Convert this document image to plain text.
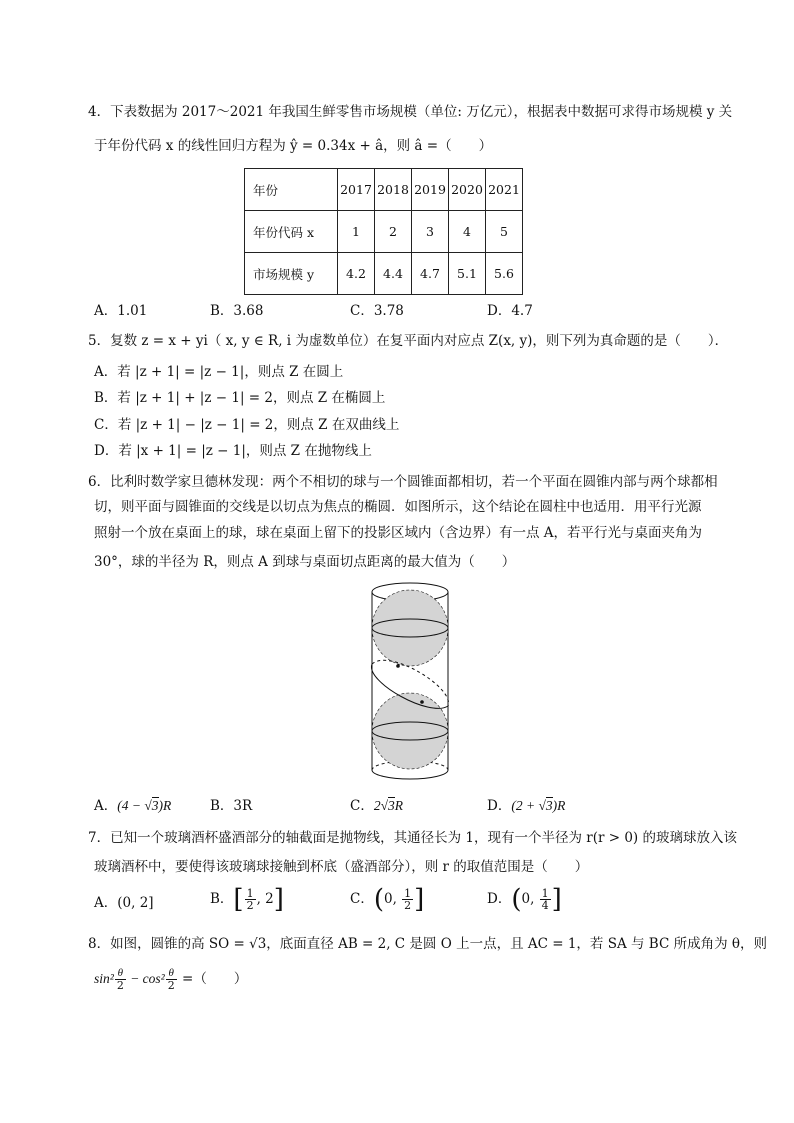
4．下表数据为 2017～2021 年我国生鲜零售市场规模（单位: 万亿元），根据表中数据可求得市场规模 y 关
于年份代码 x 的线性回归方程为 ŷ = 0.34x + â，则 â =（　　）
年份	2017	2018	2019	2020	2021
年份代码 x	1	2	3	4	5
市场规模 y	4.2	4.4	4.7	5.1	5.6
A．1.01	B．3.68	C．3.78	D．4.7
5．复数 z = x + yi（ x, y ∈ R, i 为虚数单位）在复平面内对应点 Z(x, y)，则下列为真命题的是（　　）．
A．若 |z + 1| = |z − 1|，则点 Z 在圆上
B．若 |z + 1| + |z − 1| = 2，则点 Z 在椭圆上
C．若 |z + 1| − |z − 1| = 2，则点 Z 在双曲线上
D．若 |x + 1| = |z − 1|，则点 Z 在抛物线上
6．比利时数学家旦德林发现：两个不相切的球与一个圆锥面都相切，若一个平面在圆锥内部与两个球都相
切，则平面与圆锥面的交线是以切点为焦点的椭圆．如图所示，这个结论在圆柱中也适用．用平行光源
照射一个放在桌面上的球，球在桌面上留下的投影区域内（含边界）有一点 A，若平行光与桌面夹角为
30°，球的半径为 R，则点 A 到球与桌面切点距离的最大值为（　　）
A．(4 − √3)R	B．3R	C．2√3R	D．(2 + √3)R
7．已知一个玻璃酒杯盛酒部分的轴截面是抛物线，其通径长为 1，现有一个半径为 r(r > 0) 的玻璃球放入该
玻璃酒杯中，要使得该玻璃球接触到杯底（盛酒部分），则 r 的取值范围是（　　）
A．(0, 2]	B．[ $\frac{1}{2}$ , 2]	C．(0, $\frac{1}{2}$ ]	D．(0, $\frac{1}{4}$ ]
8．如图，圆锥的高 SO = √3，底面直径 AB = 2, C 是圆 O 上一点，且 AC = 1，若 SA 与 BC 所成角为 θ，则
$\sin^2 \frac{\theta}{2} - \cos^2 \frac{\theta}{2}$ =（　　）
